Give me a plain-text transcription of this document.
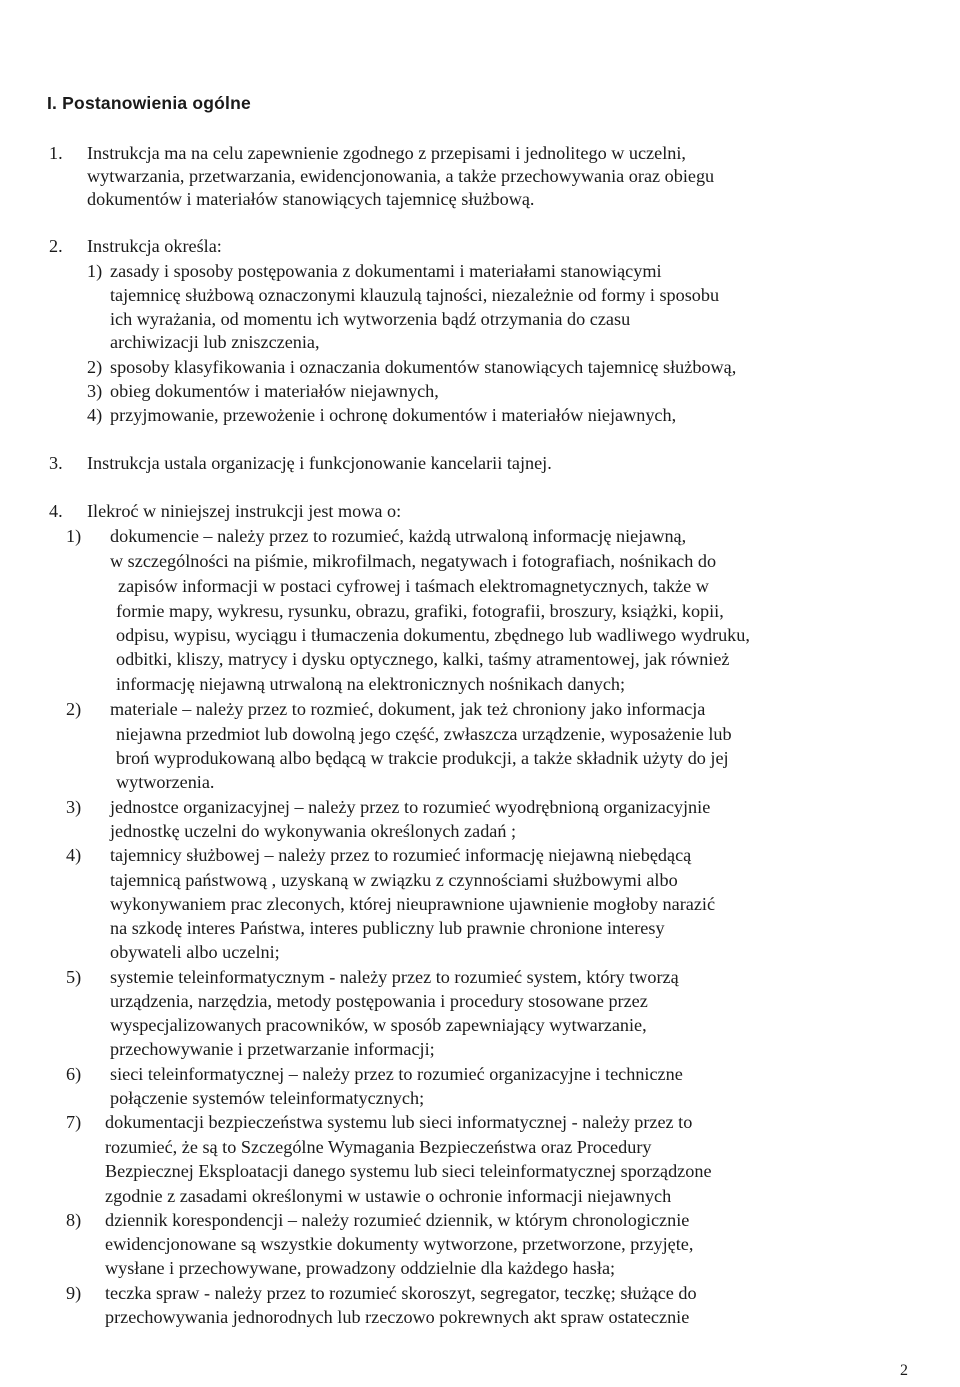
I. Postanowienia ogólne
1. Instrukcja ma na celu zapewnienie zgodnego z przepisami i jednolitego w uczelni,
wytwarzania, przetwarzania, ewidencjonowania, a także przechowywania oraz obiegu
dokumentów i materiałów stanowiących tajemnicę służbową.
2. Instrukcja określa:
1) zasady i sposoby postępowania z dokumentami i materiałami stanowiącymi
tajemnicę służbową oznaczonymi klauzulą tajności, niezależnie od formy i sposobu
ich wyrażania, od momentu ich wytworzenia bądź otrzymania do czasu
archiwizacji lub zniszczenia,
2) sposoby klasyfikowania i oznaczania dokumentów stanowiących tajemnicę służbową,
3) obieg dokumentów i materiałów niejawnych,
4) przyjmowanie, przewożenie i ochronę dokumentów i materiałów niejawnych,
3. Instrukcja ustala organizację i funkcjonowanie kancelarii tajnej.
4. Ilekroć w niniejszej instrukcji jest mowa o:
1) dokumencie – należy przez to rozumieć, każdą utrwaloną informację niejawną,
w szczególności na piśmie, mikrofilmach, negatywach i fotografiach, nośnikach do
zapisów informacji w postaci cyfrowej i taśmach elektromagnetycznych, także w
formie mapy, wykresu, rysunku, obrazu, grafiki, fotografii, broszury, książki, kopii,
odpisu, wypisu, wyciągu i tłumaczenia dokumentu, zbędnego lub wadliwego wydruku,
odbitki, kliszy, matrycy i dysku optycznego, kalki, taśmy atramentowej, jak również
informację niejawną utrwaloną na elektronicznych nośnikach danych;
2) materiale – należy przez to rozmieć, dokument, jak też chroniony jako informacja
niejawna przedmiot lub dowolną jego część, zwłaszcza urządzenie, wyposażenie lub
broń wyprodukowaną albo będącą w trakcie produkcji, a także składnik użyty do jej
wytworzenia.
3) jednostce organizacyjnej – należy przez to rozumieć wyodrębnioną organizacyjnie
jednostkę uczelni do wykonywania określonych zadań ;
4) tajemnicy służbowej – należy przez to rozumieć informację niejawną niebędącą
tajemnicą państwową , uzyskaną w związku z czynnościami służbowymi albo
wykonywaniem prac zleconych, której nieuprawnione ujawnienie mogłoby narazić
na szkodę interes Państwa, interes publiczny lub prawnie chronione interesy
obywateli albo uczelni;
5) systemie teleinformatycznym - należy przez to rozumieć system, który tworzą
urządzenia, narzędzia, metody postępowania i procedury stosowane przez
wyspecjalizowanych pracowników, w sposób zapewniający wytwarzanie,
przechowywanie i przetwarzanie informacji;
6) sieci teleinformatycznej – należy przez to rozumieć organizacyjne i techniczne
połączenie systemów teleinformatycznych;
7) dokumentacji bezpieczeństwa systemu lub sieci informatycznej - należy przez to
rozumieć, że są to Szczególne Wymagania Bezpieczeństwa oraz Procedury
Bezpiecznej Eksploatacji danego systemu lub sieci teleinformatycznej sporządzone
zgodnie z zasadami określonymi w ustawie o ochronie informacji niejawnych
8) dziennik korespondencji – należy rozumieć dziennik, w którym chronologicznie
ewidencjonowane są wszystkie dokumenty wytworzone, przetworzone, przyjęte,
wysłane i przechowywane, prowadzony oddzielnie dla każdego hasła;
9) teczka spraw - należy przez to rozumieć skoroszyt, segregator, teczkę; służące do
przechowywania jednorodnych lub rzeczowo pokrewnych akt spraw ostatecznie
2
